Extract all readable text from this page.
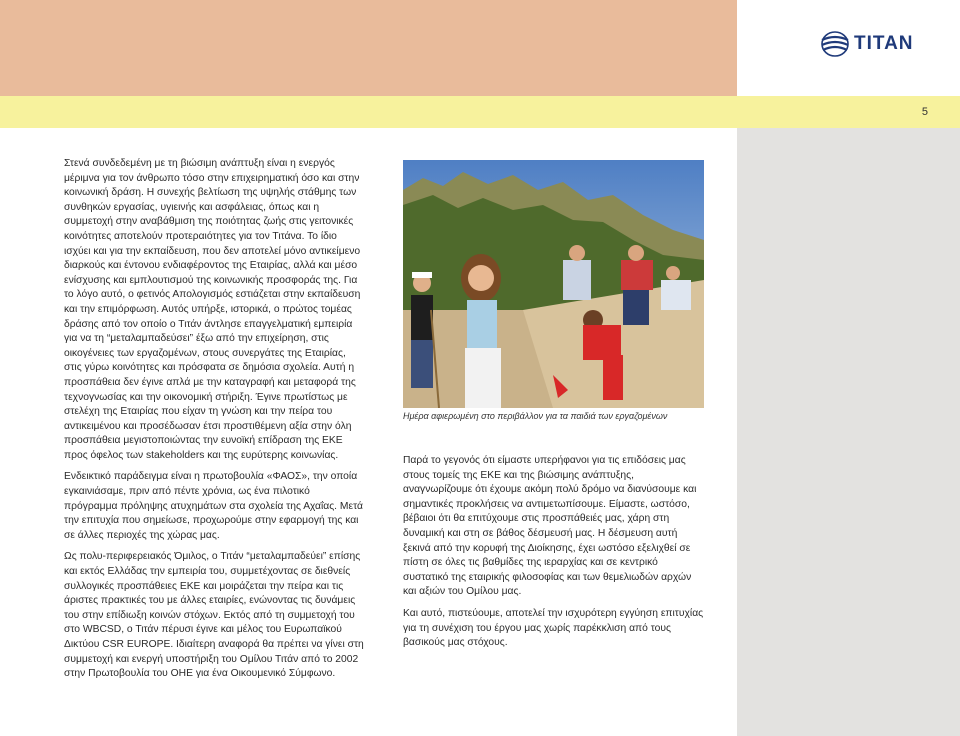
TITAN
5

Στενά συνδεδεμένη με τη βιώσιμη ανάπτυξη είναι η ενεργός μέριμνα για τον άνθρωπο τόσο στην επιχειρηματική όσο και στην κοινωνική δράση. Η συνεχής βελτίωση της υψηλής στάθμης των συνθηκών εργασίας, υγιεινής και ασφάλειας, όπως και η συμμετοχή στην αναβάθμιση της ποιότητας ζωής στις γειτονικές κοινότητες αποτελούν προτεραιότητες για τον Τιτάνα. Το ίδιο ισχύει και για την εκπαίδευση, που δεν αποτελεί μόνο αντικείμενο διαρκούς και έντονου ενδιαφέροντος της Εταιρίας, αλλά και μέσο ενίσχυσης και εμπλουτισμού της κοινωνικής προσφοράς της. Για το λόγο αυτό, ο φετινός Απολογισμός εστιάζεται στην εκπαίδευση και την επιμόρφωση. Αυτός υπήρξε, ιστορικά, ο πρώτος τομέας δράσης από τον οποίο ο Τιτάν άντλησε επαγγελματική εμπειρία για να τη “μεταλαμπαδεύσει” έξω από την επιχείρηση, στις οικογένειες των εργαζομένων, στους συνεργάτες της Εταιρίας, στις γύρω κοινότητες και πρόσφατα σε δημόσια σχολεία. Αυτή η προσπάθεια δεν έγινε απλά με την καταγραφή και μεταφορά της τεχνογνωσίας και την οικονομική στήριξη. Έγινε πρωτίστως με στελέχη της Εταιρίας που είχαν τη γνώση και την πείρα του αντικειμένου και προσέδωσαν έτσι προστιθέμενη αξία στην όλη προσπάθεια μεγιστοποιώντας την ευνοϊκή επίδραση της ΕΚΕ προς όφελος των stakeholders και της ευρύτερης κοινωνίας.

Ενδεικτικό παράδειγμα είναι η πρωτοβουλία «ΦΑΟΣ», την οποία εγκαινιάσαμε, πριν από πέντε χρόνια, ως ένα πιλοτικό πρόγραμμα πρόληψης ατυχημάτων στα σχολεία της Αχαΐας. Μετά την επιτυχία που σημείωσε, προχωρούμε στην εφαρμογή της και σε άλλες περιοχές της χώρας μας.

Ως πολυ-περιφερειακός Όμιλος, ο Τιτάν “μεταλαμπαδεύει” επίσης και εκτός Ελλάδας την εμπειρία του, συμμετέχοντας σε διεθνείς συλλογικές προσπάθειες ΕΚΕ και μοιράζεται την πείρα και τις άριστες πρακτικές του με άλλες εταιρίες, ενώνοντας τις δυνάμεις του στην επίδιωξη κοινών στόχων. Εκτός από τη συμμετοχή του στο WBCSD, ο Τιτάν πέρυσι έγινε και μέλος του Ευρωπαϊκού Δικτύου CSR EUROPE. Ιδιαίτερη αναφορά θα πρέπει να γίνει στη συμμετοχή και ενεργή υποστήριξη του Ομίλου Τιτάν από το 2002 στην Πρωτοβουλία του ΟΗΕ για ένα Οικουμενικό Σύμφωνο.

Ημέρα αφιερωμένη στο περιβάλλον για τα παιδιά των εργαζομένων

Παρά το γεγονός ότι είμαστε υπερήφανοι για τις επιδόσεις μας στους τομείς της ΕΚΕ και της βιώσιμης ανάπτυξης, αναγνωρίζουμε ότι έχουμε ακόμη πολύ δρόμο να διανύσουμε και σημαντικές προκλήσεις να αντιμετωπίσουμε. Είμαστε, ωστόσο, βέβαιοι ότι θα επιτύχουμε στις προσπάθειές μας, χάρη στη δυναμική και στη σε βάθος δέσμευσή μας. Η δέσμευση αυτή ξεκινά από την κορυφή της Διοίκησης, έχει ωστόσο εξελιχθεί σε πίστη σε όλες τις βαθμίδες της ιεραρχίας και σε κεντρικό συστατικό της εταιρικής φιλοσοφίας και των θεμελιωδών αρχών και αξιών του Ομίλου μας.

Και αυτό, πιστεύουμε, αποτελεί την ισχυρότερη εγγύηση επιτυχίας για τη συνέχιση του έργου μας χωρίς παρέκκλιση από τους βασικούς μας στόχους.
